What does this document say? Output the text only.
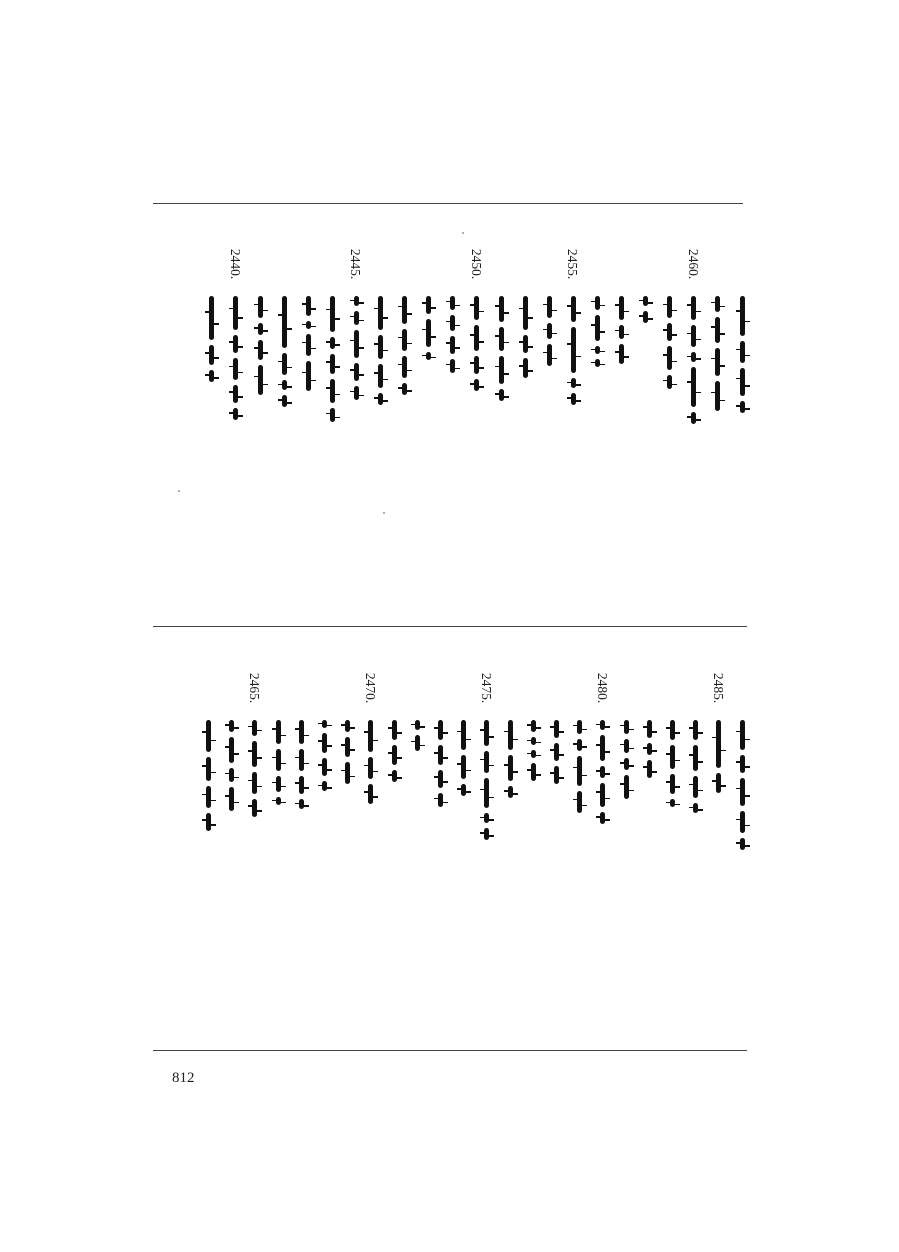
2460.
2455.
2450.
2445.
2440.
2485.
2480.
2475.
2470.
2465.
812
